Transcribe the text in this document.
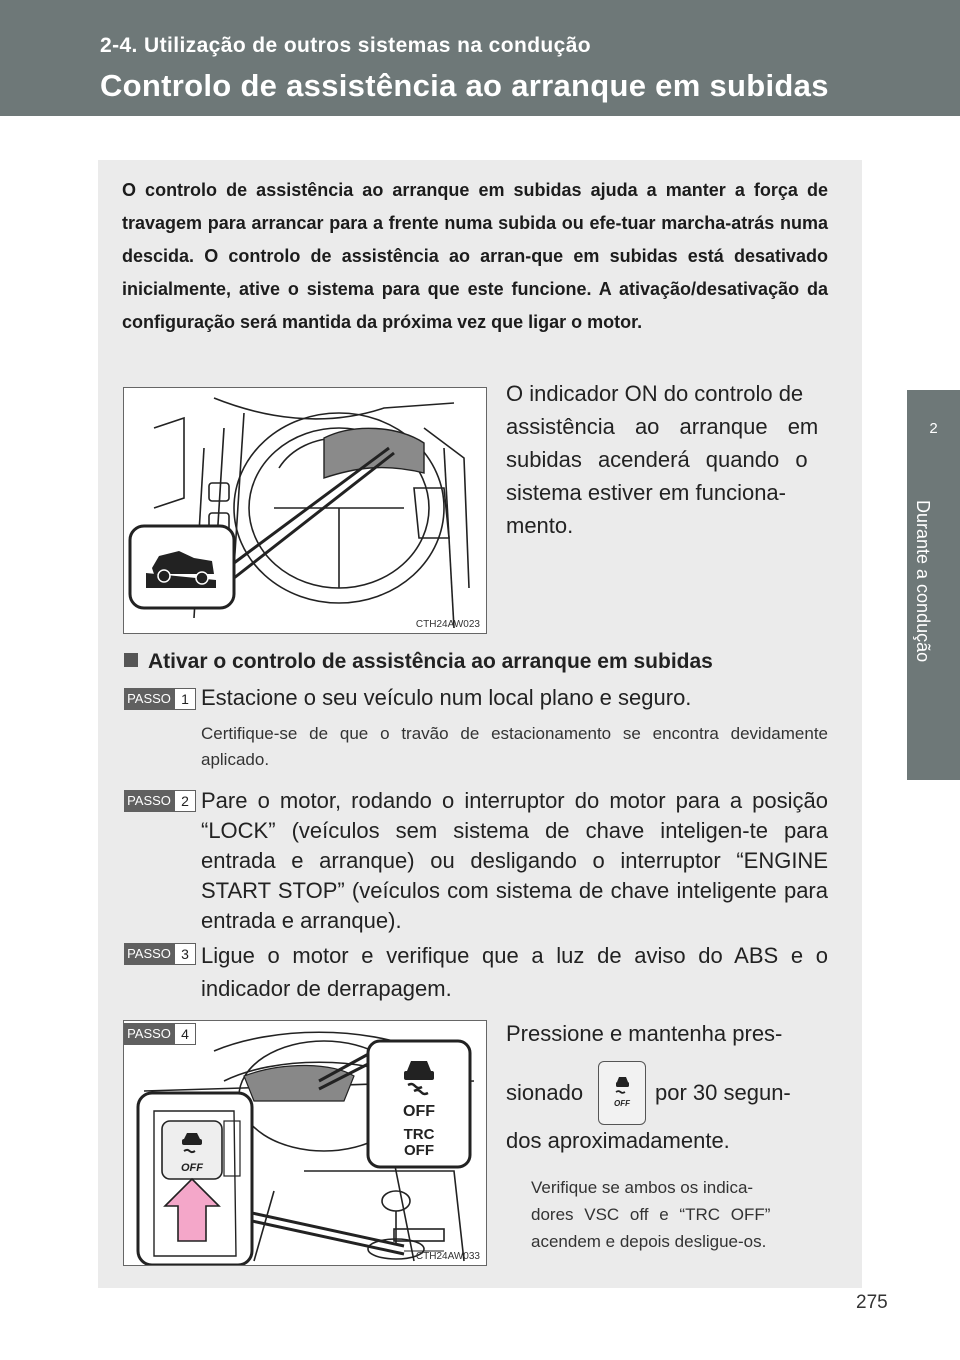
2-4. Utilização de outros sistemas na condução
Controlo de assistência ao arranque em subidas
2
Durante a condução

O controlo de assistência ao arranque em subidas ajuda a manter a força de travagem para arrancar para a frente numa subida ou efe-tuar marcha-atrás numa descida. O controlo de assistência ao arran-que em subidas está desativado inicialmente, ative o sistema para que este funcione. A ativação/desativação da configuração será mantida da próxima vez que ligar o motor.

CTH24AW023
O indicador ON do controlo de
assistência ao arranque em
subidas acenderá quando o
sistema estiver em funciona-
mento.
Ativar o controlo de assistência ao arranque em subidas
PASSO 1 Estacione o seu veículo num local plano e seguro.

Certifique-se de que o travão de estacionamento se encontra devidamente aplicado.

PASSO 2 Pare o motor, rodando o interruptor do motor para a posição “LOCK” (veículos sem sistema de chave inteligen-te para entrada e arranque) ou desligando o interruptor “ENGINE START STOP” (veículos com sistema de chave inteligente para entrada e arranque).

PASSO 3 Ligue o motor e verifique que a luz de aviso do ABS e o indicador de derrapagem.

OFF
TRC
OFF
OFF
PASSO 4
CTH24AW033
Pressione e mantenha pres-
sionado	OFF por 30 segun-
dos aproximadamente.
Verifique se ambos os indica-
dores VSC off e “TRC OFF”
acendem e depois desligue-os.
275
